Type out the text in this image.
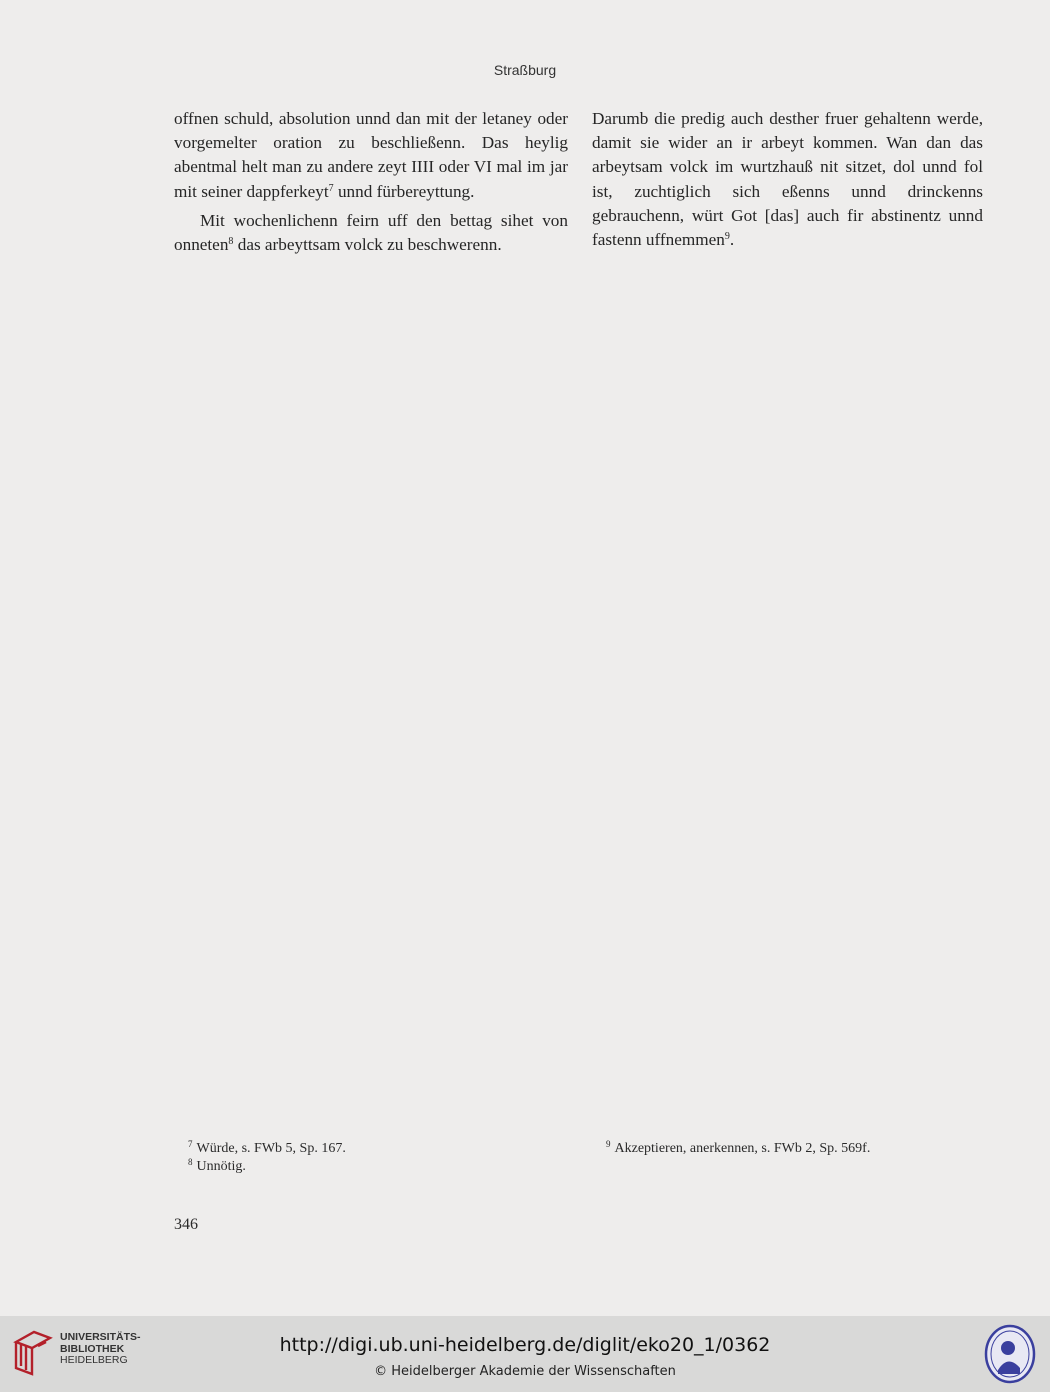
Straßburg

offnen schuld, absolution unnd dan mit der letaney oder vorgemelter oration zu beschließenn. Das heylig abentmal helt man zu andere zeyt IIII oder VI mal im jar mit seiner dappferkeyt$^7$ unnd fürbereyttung.

Mit wochenlichenn feirn uff den bettag sihet von onneten$^8$ das arbeyttsam volck zu beschwerenn.

Darumb die predig auch desther fruer gehaltenn werde, damit sie wider an ir arbeyt kommen. Wan dan das arbeytsam volck im wurtzhauß nit sitzet, dol unnd fol ist, zuchtiglich sich eßenns unnd drinckenns gebrauchenn, würt Got [das] auch fir abstinentz unnd fastenn uffnemmen$^9$.

$^7$ Würde, s. FWb 5, Sp. 167.
$^8$ Unnötig.
$^9$ Akzeptieren, anerkennen, s. FWb 2, Sp. 569f.
346
UNIVERSITÄTS-
BIBLIOTHEK
HEIDELBERG
http://digi.ub.uni-heidelberg.de/diglit/eko20_1/0362
© Heidelberger Akademie der Wissenschaften
